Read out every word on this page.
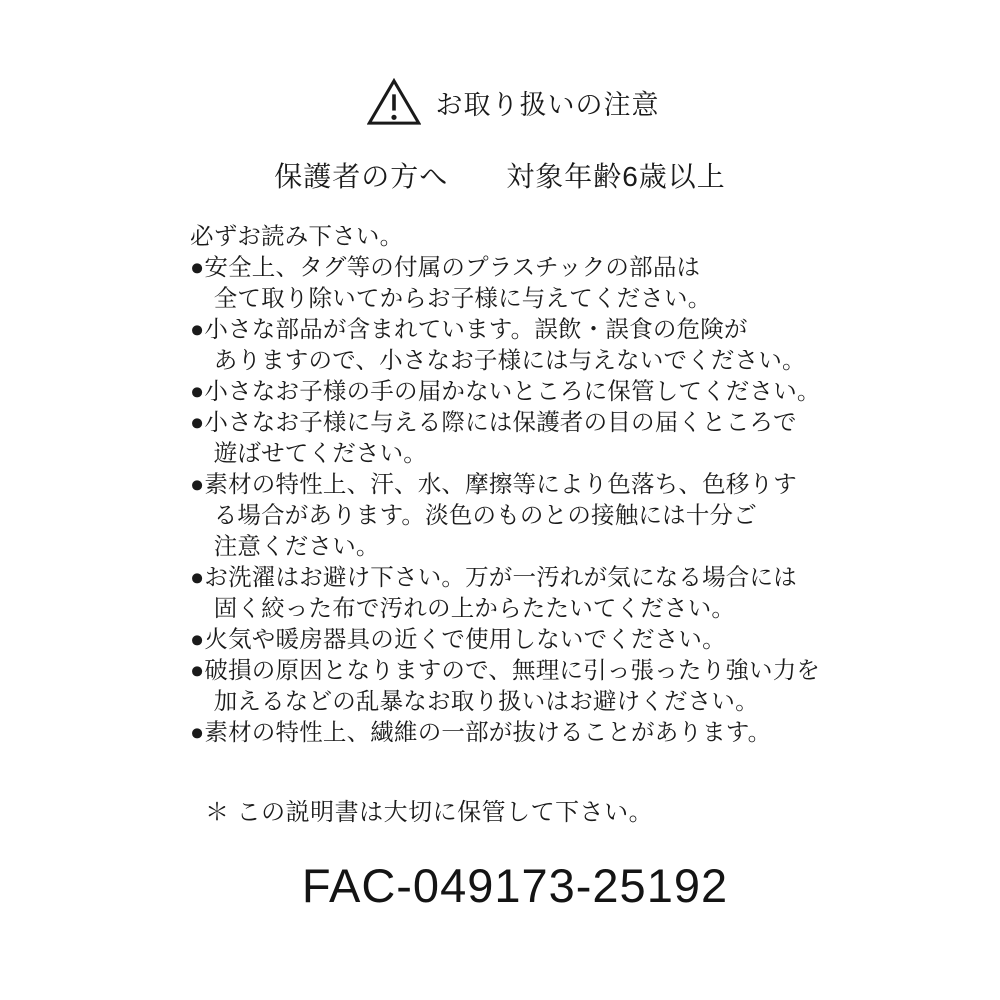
お取り扱いの注意
保護者の方へ 対象年齢6歳以上
必ずお読み下さい。
●安全上、タグ等の付属のプラスチックの部品は
　全て取り除いてからお子様に与えてください。
●小さな部品が含まれています。誤飲・誤食の危険が
　ありますので、小さなお子様には与えないでください。
●小さなお子様の手の届かないところに保管してください。
●小さなお子様に与える際には保護者の目の届くところで
　遊ばせてください。
●素材の特性上、汗、水、摩擦等により色落ち、色移りす
　る場合があります。淡色のものとの接触には十分ご
　注意ください。
●お洗濯はお避け下さい。万が一汚れが気になる場合には
　固く絞った布で汚れの上からたたいてください。
●火気や暖房器具の近くで使用しないでください。
●破損の原因となりますので、無理に引っ張ったり強い力を
　加えるなどの乱暴なお取り扱いはお避けください。
●素材の特性上、繊維の一部が抜けることがあります。
＊ この説明書は大切に保管して下さい。
FAC-049173-25192
